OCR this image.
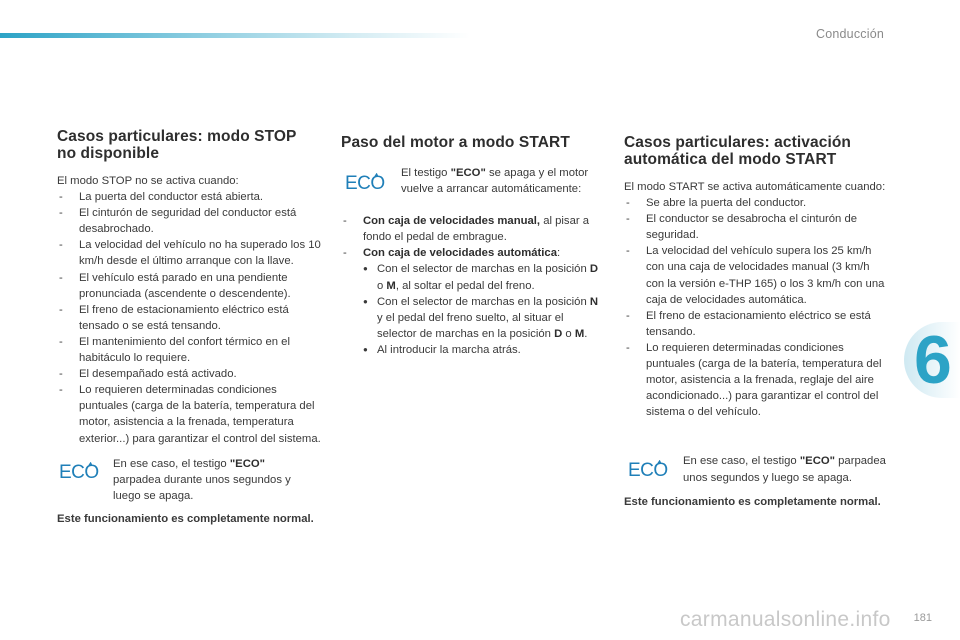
Conducción
6
Casos particulares: modo STOP
no disponible

El modo STOP no se activa cuando:

- La puerta del conductor está abierta.
- El cinturón de seguridad del conductor está desabrochado.
- La velocidad del vehículo no ha superado los 10 km/h desde el último arranque con la llave.
- El vehículo está parado en una pendiente pronunciada (ascendente o descendente).
- El freno de estacionamiento eléctrico está tensado o se está tensando.
- El mantenimiento del confort térmico en el habitáculo lo requiere.
- El desempañado está activado.
- Lo requieren determinadas condiciones puntuales (carga de la batería, temperatura del motor, asistencia a la frenada, temperatura exterior...) para garantizar el control del sistema.
ECO En ese caso, el testigo "ECO" parpadea durante unos segundos y luego se apaga.

Este funcionamiento es completamente normal.

Paso del motor a modo START
ECO El testigo "ECO" se apaga y el motor vuelve a arrancar automáticamente:

- Con caja de velocidades manual, al pisar a fondo el pedal de embrague.
- Con caja de velocidades automática:
● Con el selector de marchas en la posición D o M, al soltar el pedal del freno.
● Con el selector de marchas en la posición N y el pedal del freno suelto, al situar el selector de marchas en la posición D o M.
● Al introducir la marcha atrás.
Casos particulares: activación
automática del modo START

El modo START se activa automáticamente cuando:

- Se abre la puerta del conductor.
- El conductor se desabrocha el cinturón de seguridad.
- La velocidad del vehículo supera los 25 km/h con una caja de velocidades manual (3 km/h con la versión e-THP 165) o los 3 km/h con una caja de velocidades automática.
- El freno de estacionamiento eléctrico se está tensando.
- Lo requieren determinadas condiciones puntuales (carga de la batería, temperatura del motor, asistencia a la frenada, reglaje del aire acondicionado...) para garantizar el control del sistema o del vehículo.
ECO En ese caso, el testigo "ECO" parpadea unos segundos y luego se apaga.

Este funcionamiento es completamente normal.

carmanualsonline.info 181
